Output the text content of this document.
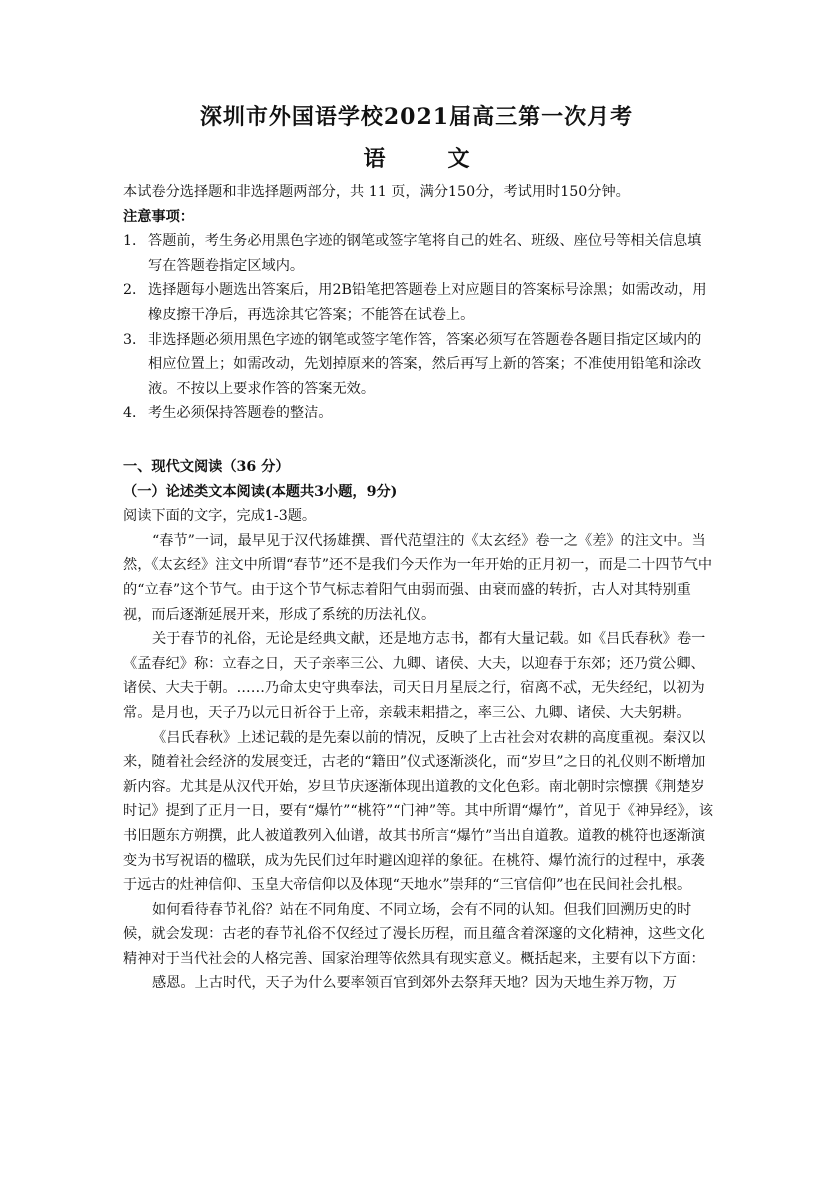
深圳市外国语学校2021届高三第一次月考
语　文

本试卷分选择题和非选择题两部分，共 11 页，满分150分，考试用时150分钟。

注意事项：

1． 答题前，考生务必用黑色字迹的钢笔或签字笔将自己的姓名、班级、座位号等相关信息填写在答题卷指定区域内。
2． 选择题每小题选出答案后，用2B铅笔把答题卷上对应题目的答案标号涂黑；如需改动，用橡皮擦干净后，再选涂其它答案；不能答在试卷上。
3． 非选择题必须用黑色字迹的钢笔或签字笔作答，答案必须写在答题卷各题目指定区域内的相应位置上；如需改动，先划掉原来的答案，然后再写上新的答案；不准使用铅笔和涂改液。不按以上要求作答的答案无效。
4． 考生必须保持答题卷的整洁。

一、现代文阅读（36 分）

（一）论述类文本阅读(本题共3小题，9分)

阅读下面的文字，完成1-3题。

“春节”一词，最早见于汉代扬雄撰、晋代范望注的《太玄经》卷一之《差》的注文中。当然，《太玄经》注文中所谓“春节”还不是我们今天作为一年开始的正月初一，而是二十四节气中的“立春”这个节气。由于这个节气标志着阳气由弱而强、由衰而盛的转折，古人对其特别重视，而后逐渐延展开来，形成了系统的历法礼仪。

关于春节的礼俗，无论是经典文献，还是地方志书，都有大量记载。如《吕氏春秋》卷一《孟春纪》称：立春之日，天子亲率三公、九卿、诸侯、大夫，以迎春于东郊；还乃赏公卿、诸侯、大夫于朝。……乃命太史守典奉法，司天日月星辰之行，宿离不忒，无失经纪，以初为常。是月也，天子乃以元日祈谷于上帝，亲载耒耜措之，率三公、九卿、诸侯、大夫躬耕。

《吕氏春秋》上述记载的是先秦以前的情况，反映了上古社会对农耕的高度重视。秦汉以来，随着社会经济的发展变迁，古老的“籍田”仪式逐渐淡化，而“岁旦”之日的礼仪则不断增加新内容。尤其是从汉代开始，岁旦节庆逐渐体现出道教的文化色彩。南北朝时宗懔撰《荆楚岁时记》提到了正月一日，要有“爆竹”“桃符”“门神”等。其中所谓“爆竹”，首见于《神异经》，该书旧题东方朔撰，此人被道教列入仙谱，故其书所言“爆竹”当出自道教。道教的桃符也逐渐演变为书写祝语的楹联，成为先民们过年时避凶迎祥的象征。在桃符、爆竹流行的过程中，承袭于远古的灶神信仰、玉皇大帝信仰以及体现“天地水”崇拜的“三官信仰”也在民间社会扎根。

如何看待春节礼俗？站在不同角度、不同立场，会有不同的认知。但我们回溯历史的时候，就会发现：古老的春节礼俗不仅经过了漫长历程，而且蕴含着深邃的文化精神，这些文化精神对于当代社会的人格完善、国家治理等依然具有现实意义。概括起来，主要有以下方面：

感恩。上古时代，天子为什么要率领百官到郊外去祭拜天地？因为天地生养万物，万
